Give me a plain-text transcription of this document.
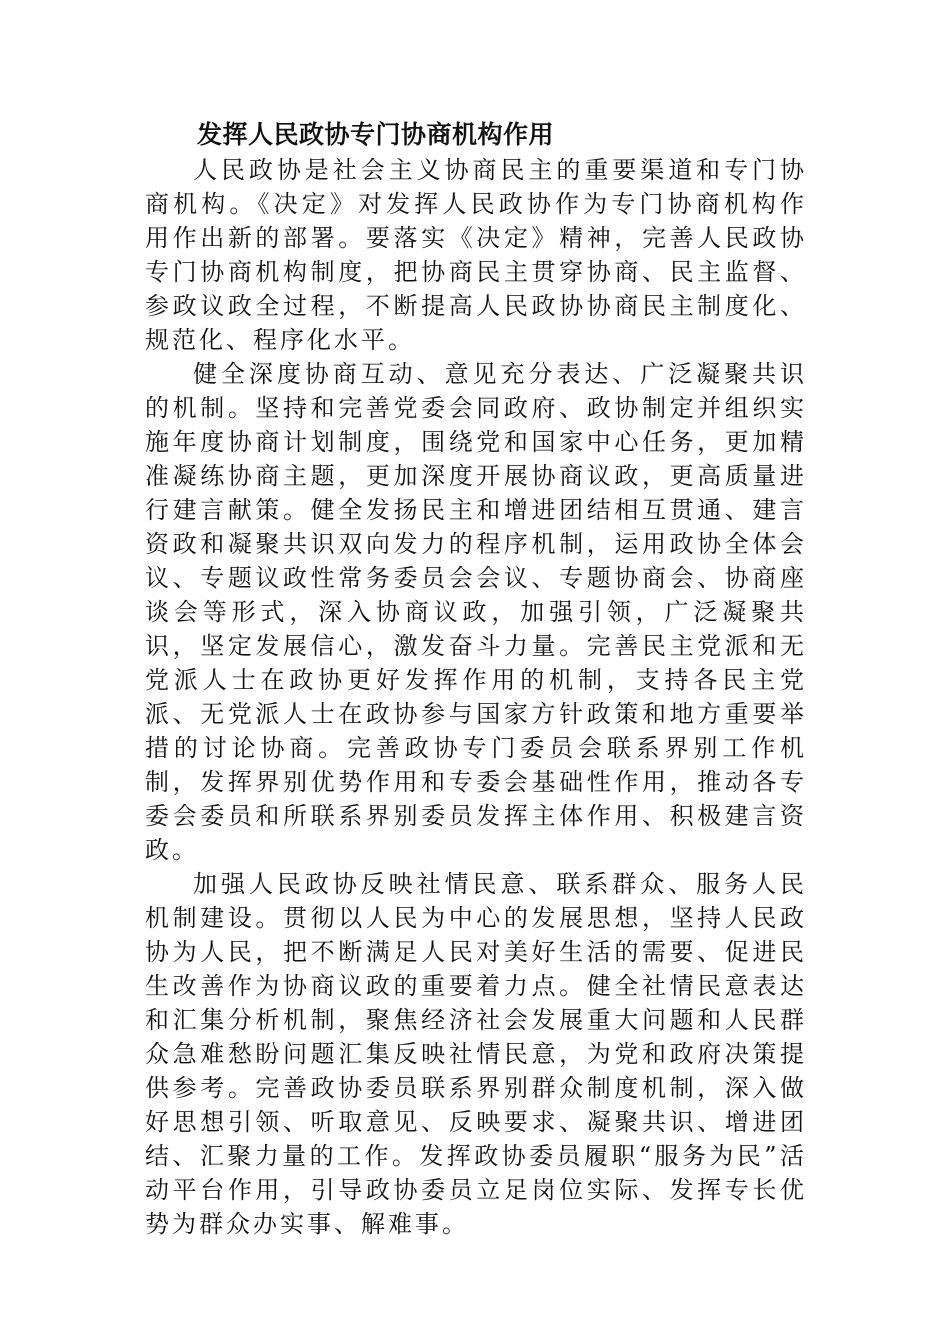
发挥人民政协专门协商机构作用

人民政协是社会主义协商民主的重要渠道和专门协商机构。《决定》对发挥人民政协作为专门协商机构作用作出新的部署。要落实《决定》精神，完善人民政协专门协商机构制度，把协商民主贯穿协商、民主监督、参政议政全过程，不断提高人民政协协商民主制度化、规范化、程序化水平。

健全深度协商互动、意见充分表达、广泛凝聚共识的机制。坚持和完善党委会同政府、政协制定并组织实施年度协商计划制度，围绕党和国家中心任务，更加精准凝练协商主题，更加深度开展协商议政，更高质量进行建言献策。健全发扬民主和增进团结相互贯通、建言资政和凝聚共识双向发力的程序机制，运用政协全体会议、专题议政性常务委员会会议、专题协商会、协商座谈会等形式，深入协商议政，加强引领，广泛凝聚共识，坚定发展信心，激发奋斗力量。完善民主党派和无党派人士在政协更好发挥作用的机制，支持各民主党派、无党派人士在政协参与国家方针政策和地方重要举措的讨论协商。完善政协专门委员会联系界别工作机制，发挥界别优势作用和专委会基础性作用，推动各专委会委员和所联系界别委员发挥主体作用、积极建言资政。

加强人民政协反映社情民意、联系群众、服务人民机制建设。贯彻以人民为中心的发展思想，坚持人民政协为人民，把不断满足人民对美好生活的需要、促进民生改善作为协商议政的重要着力点。健全社情民意表达和汇集分析机制，聚焦经济社会发展重大问题和人民群众急难愁盼问题汇集反映社情民意，为党和政府决策提供参考。完善政协委员联系界别群众制度机制，深入做好思想引领、听取意见、反映要求、凝聚共识、增进团结、汇聚力量的工作。发挥政协委员履职“服务为民”活动平台作用，引导政协委员立足岗位实际、发挥专长优势为群众办实事、解难事。
